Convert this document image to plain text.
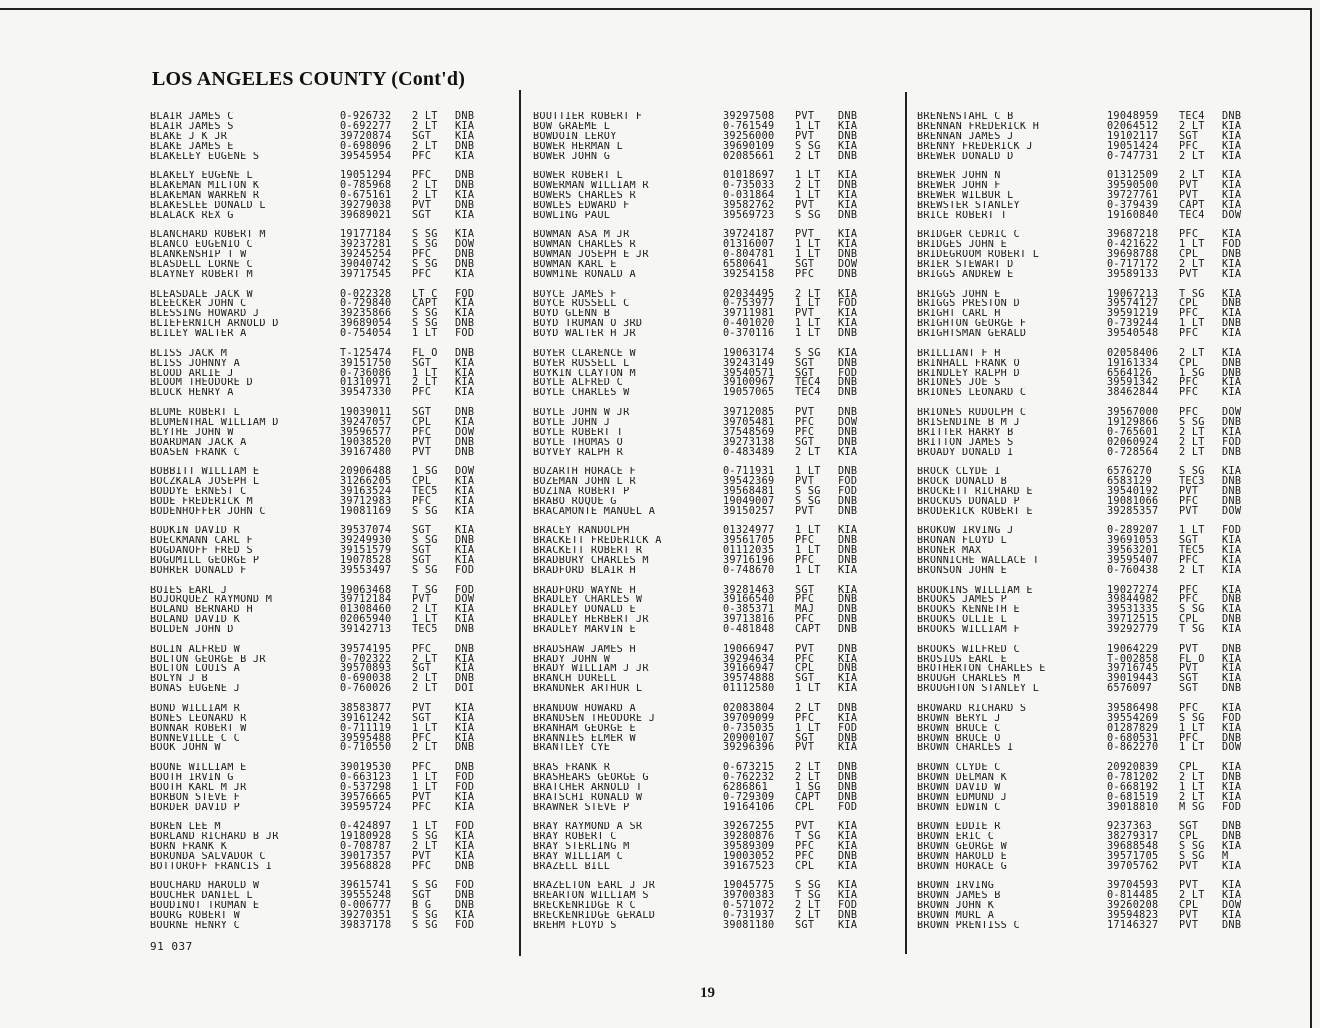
LOS ANGELES COUNTY (Cont'd)
BLAIR JAMES C	0-926732	2 LT	DNB
BLAIR JAMES S	0-692277	2 LT	KIA
BLAKE J K JR	39720874	SGT	KIA
BLAKE JAMES E	0-698096	2 LT	DNB
BLAKELEY EUGENE S	39545954	PFC	KIA
BLAKELY EUGENE L	19051294	PFC	DNB
BLAKEMAN MILTON K	0-785968	2 LT	DNB
BLAKEMAN WARREN R	0-675161	2 LT	KIA
BLAKESLEE DONALD L	39279038	PVT	DNB
BLALACK REX G	39689021	SGT	KIA
BLANCHARD ROBERT M	19177184	S SG	KIA
BLANCO EUGENIO C	39237281	S SG	DOW
BLANKENSHIP T W	39245254	PFC	DNB
BLASDELL LORNE C	39040742	S SG	DNB
BLAYNEY ROBERT M	39717545	PFC	KIA
BLEASDALE JACK W	0-022328	LT C	FOD
BLEECKER JOHN C	0-729840	CAPT	KIA
BLESSING HOWARD J	39235866	S SG	KIA
BLIEFERNICH ARNOLD D	39689054	S SG	DNB
BLILEY WALTER A	0-754054	1 LT	FOD
BLISS JACK M	T-125474	FL O	DNB
BLISS JOHNNY A	39151750	SGT	KIA
BLOOD ARLIE J	0-736086	1 LT	KIA
BLOOM THEODORE D	01310971	2 LT	KIA
BLUCK HENRY A	39547330	PFC	KIA
BLUME ROBERT L	19039011	SGT	DNB
BLUMENTHAL WILLIAM D	39247057	CPL	KIA
BLYTHE JOHN W	39596577	PFC	DOW
BOARDMAN JACK A	19038520	PVT	DNB
BOASEN FRANK C	39167480	PVT	DNB
BOBBITT WILLIAM E	20906488	1 SG	DOW
BOCZKALA JOSEPH L	31266205	CPL	KIA
BODDYE ERNEST C	39163524	TEC5	KIA
BODE FREDERICK M	39712983	PFC	KIA
BODENHOFFER JOHN C	19081169	S SG	KIA
BODKIN DAVID R	39537074	SGT	KIA
BOECKMANN CARL F	39249930	S SG	DNB
BOGDANOFF FRED S	39151579	SGT	KIA
BOGUMILL GEORGE P	19078528	SGT	KIA
BOHRER DONALD F	39553497	S SG	FOD
BOIES EARL J	19063468	T SG	FOD
BOJORQUEZ RAYMOND M	39712184	PVT	DOW
BOLAND BERNARD H	01308460	2 LT	KIA
BOLAND DAVID K	02065940	1 LT	KIA
BOLDEN JOHN D	39142713	TEC5	DNB
BOLIN ALFRED W	39574195	PFC	DNB
BOLTON GEORGE B JR	0-702322	2 LT	KIA
BOLTON LOUIS A	39570893	SGT	KIA
BOLYN J B	0-690038	2 LT	DNB
BONAS EUGENE J	0-760026	2 LT	DOI
BOND WILLIAM R	38583877	PVT	KIA
BONES LEONARD R	39161242	SGT	KIA
BONNAR ROBERT W	0-711119	1 LT	KIA
BONNEVILLE C C	39595488	PFC	KIA
BOOK JOHN W	0-710550	2 LT	DNB
BOONE WILLIAM E	39019530	PFC	DNB
BOOTH IRVIN G	0-663123	1 LT	FOD
BOOTH KARL M JR	0-537298	1 LT	FOD
BORBON STEVE F	39576665	PVT	KIA
BORDER DAVID P	39595724	PFC	KIA
BOREN LEE M	0-424897	1 LT	FOD
BORLAND RICHARD B JR	19180928	S SG	KIA
BORN FRANK K	0-708787	2 LT	KIA
BORUNDA SALVADOR C	39017357	PVT	KIA
BOTTOROFF FRANCIS I	39568828	PFC	DNB
BOUCHARD HAROLD W	39615741	S SG	FOD
BOUCHER DANIEL L	39555248	SGT	DNB
BOUDINOT TRUMAN E	0-006777	B G	DNB
BOURG ROBERT W	39270351	S SG	KIA
BOURNE HENRY C	39837178	S SG	FOD
BOUTTIER ROBERT F	39297508	PVT	DNB
BOW GRAEME L	0-761549	1 LT	KIA
BOWDOIN LEROY	39256000	PVT	DNB
BOWER HERMAN L	39690109	S SG	KIA
BOWER JOHN G	02085661	2 LT	DNB
BOWER ROBERT L	01018697	1 LT	KIA
BOWERMAN WILLIAM R	0-735033	2 LT	DNB
BOWERS CHARLES R	0-031864	1 LT	KIA
BOWLES EDWARD F	39582762	PVT	KIA
BOWLING PAUL	39569723	S SG	DNB
BOWMAN ASA M JR	39724187	PVT	KIA
BOWMAN CHARLES R	01316007	1 LT	KIA
BOWMAN JOSEPH E JR	0-804781	1 LT	DNB
BOWMAN KARL E	6580641	SGT	DOW
BOWMINE RONALD A	39254158	PFC	DNB
BOYCE JAMES F	02034495	2 LT	KIA
BOYCE RUSSELL C	0-753977	1 LT	FOD
BOYD GLENN B	39711981	PVT	KIA
BOYD TRUMAN O 3RD	0-401020	1 LT	KIA
BOYD WALTER H JR	0-370116	1 LT	DNB
BOYER CLARENCE W	19063174	S SG	KIA
BOYER RUSSELL L	39243149	SGT	DNB
BOYKIN CLAYTON M	39540571	SGT	FOD
BOYLE ALFRED C	39100967	TEC4	DNB
BOYLE CHARLES W	19057065	TEC4	DNB
BOYLE JOHN W JR	39712085	PVT	DNB
BOYLE JOHN J	39705481	PFC	DOW
BOYLE ROBERT T	37548569	PFC	DNB
BOYLE THOMAS O	39273138	SGT	DNB
BOYVEY RALPH R	0-483489	2 LT	KIA
BOZARTH HORACE F	0-711931	1 LT	DNB
BOZEMAN JOHN L R	39542369	PVT	FOD
BOZINA ROBERT P	39568481	S SG	FOD
BRABO ROQUE G	19049007	S SG	DNB
BRACAMONTE MANUEL A	39150257	PVT	DNB
BRACEY RANDOLPH	01324977	1 LT	KIA
BRACKETT FREDERICK A	39561705	PFC	DNB
BRACKETT ROBERT R	01112035	1 LT	DNB
BRADBURY CHARLES M	39716196	PFC	DNB
BRADFORD BLAIR H	0-748670	1 LT	KIA
BRADFORD WAYNE H	39281463	SGT	KIA
BRADLEY CHARLES W	39166540	PFC	DNB
BRADLEY DONALD E	0-385371	MAJ	DNB
BRADLEY HERBERT JR	39713816	PFC	DNB
BRADLEY MARVIN E	0-481848	CAPT	DNB
BRADSHAW JAMES H	19066947	PVT	DNB
BRADY JOHN W	39294634	PFC	KIA
BRADY WILLIAM J JR	39166947	CPL	DNB
BRANCH DURELL	39574888	SGT	KIA
BRANDNER ARTHUR L	01112580	1 LT	KIA
BRANDOW HOWARD A	02083804	2 LT	DNB
BRANDSEN THEODORE J	39709099	PFC	KIA
BRANHAM GEORGE E	0-735035	1 LT	FOD
BRANNIES ELMER W	20900107	SGT	DNB
BRANTLEY CYE	39296396	PVT	KIA
BRAS FRANK R	0-673215	2 LT	DNB
BRASHEARS GEORGE G	0-762232	2 LT	DNB
BRATCHER ARNOLD T	6286861	1 SG	DNB
BRATSCHI RONALD W	0-729309	CAPT	DNB
BRAWNER STEVE P	19164106	CPL	FOD
BRAY RAYMOND A SR	39267255	PVT	KIA
BRAY ROBERT C	39280876	T SG	KIA
BRAY STERLING M	39589309	PFC	KIA
BRAY WILLIAM C	19003052	PFC	DNB
BRAZELL BILL	39167523	CPL	KIA
BRAZELTON EARL J JR	19045775	S SG	KIA
BREARTON WILLIAM S	39700383	T SG	KIA
BRECKENRIDGE R C	0-571072	2 LT	FOD
BRECKENRIDGE GERALD	0-731937	2 LT	DNB
BREHM FLOYD S	39081180	SGT	KIA
BRENENSTAHL C B	19048959	TEC4	DNB
BRENNAN FREDERICK H	02064512	2 LT	KIA
BRENNAN JAMES J	19102117	SGT	KIA
BRENNY FREDERICK J	19051424	PFC	KIA
BREWER DONALD D	0-747731	2 LT	KIA
BREWER JOHN N	01312509	2 LT	KIA
BREWER JOHN F	39590500	PVT	KIA
BREWER WILBUR L	39727761	PVT	KIA
BREWSTER STANLEY	0-379439	CAPT	KIA
BRICE ROBERT T	19160840	TEC4	DOW
BRIDGER CEDRIC C	39687218	PFC	KIA
BRIDGES JOHN E	0-421622	1 LT	FOD
BRIDEGROOM ROBERT L	39698788	CPL	DNB
BRIER STEWART D	0-717172	2 LT	KIA
BRIGGS ANDREW E	39589133	PVT	KIA
BRIGGS JOHN E	19067213	T SG	KIA
BRIGGS PRESTON D	39574127	CPL	DNB
BRIGHT CARL H	39591219	PFC	KIA
BRIGHTON GEORGE F	0-739244	1 LT	DNB
BRIGHTSMAN GERALD	39540548	PFC	KIA
BRILLIANT F H	02058406	2 LT	KIA
BRINHALL FRANK O	19161334	CPL	DNB
BRINDLEY RALPH D	6564126	1 SG	DNB
BRIONES JOE S	39591342	PFC	KIA
BRIONES LEONARD C	38462844	PFC	KIA
BRIONES RUDOLPH C	39567000	PFC	DOW
BRISENDINE B M J	19129866	S SG	DNB
BRITTER HARRY B	0-765601	2 LT	KIA
BRITTON JAMES S	02060924	2 LT	FOD
BROADY DONALD I	0-728564	2 LT	DNB
BROCK CLYDE I	6576270	S SG	KIA
BROCK DONALD B	6583129	TEC3	DNB
BROCKETT RICHARD E	39540192	PVT	DNB
BROCKUS DONALD P	19081066	PFC	DNB
BRODERICK ROBERT E	39285357	PVT	DOW
BROKOW IRVING J	0-289207	1 LT	FOD
BRONAN FLOYD L	39691053	SGT	KIA
BRONER MAX	39563201	TEC5	KIA
BRONNICHE WALLACE T	39595407	PFC	KIA
BRONSON JOHN E	0-760438	2 LT	KIA
BROOKINS WILLIAM E	19027274	PFC	KIA
BROOKS JAMES P	39844982	PFC	DNB
BROOKS KENNETH E	39531335	S SG	KIA
BROOKS OLLIE L	39712515	CPL	DNB
BROOKS WILLIAM F	39292779	T SG	KIA
BROOKS WILFRED C	19064229	PVT	DNB
BROSIUS EARL E	T-002858	FL O	KIA
BROTHERTON CHARLES E	39716745	PVT	KIA
BROUGH CHARLES M	39019443	SGT	KIA
BROUGHTON STANLEY L	6576097	SGT	DNB
BROWARD RICHARD S	39586498	PFC	KIA
BROWN BERYL J	39554269	S SG	FOD
BROWN BRUCE C	01287829	1 LT	KIA
BROWN BRUCE O	0-680531	PFC	DNB
BROWN CHARLES I	0-862270	1 LT	DOW
BROWN CLYDE C	20920839	CPL	KIA
BROWN DELMAN K	0-781202	2 LT	DNB
BROWN DAVID W	0-668192	1 LT	KIA
BROWN EDMUND J	0-681519	2 LT	KIA
BROWN EDWIN C	39018810	M SG	FOD
BROWN EDDIE R	9237363	SGT	DNB
BROWN ERIC C	38279317	CPL	DNB
BROWN GEORGE W	39688548	S SG	KIA
BROWN HAROLD E	39571705	S SG	M
BROWN HORACE G	39705762	PVT	KIA
BROWN IRVING	39704593	PVT	KIA
BROWN JAMES B	0-814485	2 LT	KIA
BROWN JOHN K	39260208	CPL	DOW
BROWN MURL A	39594823	PVT	KIA
BROWN PRENTISS C	17146327	PVT	DNB
91 037
19
